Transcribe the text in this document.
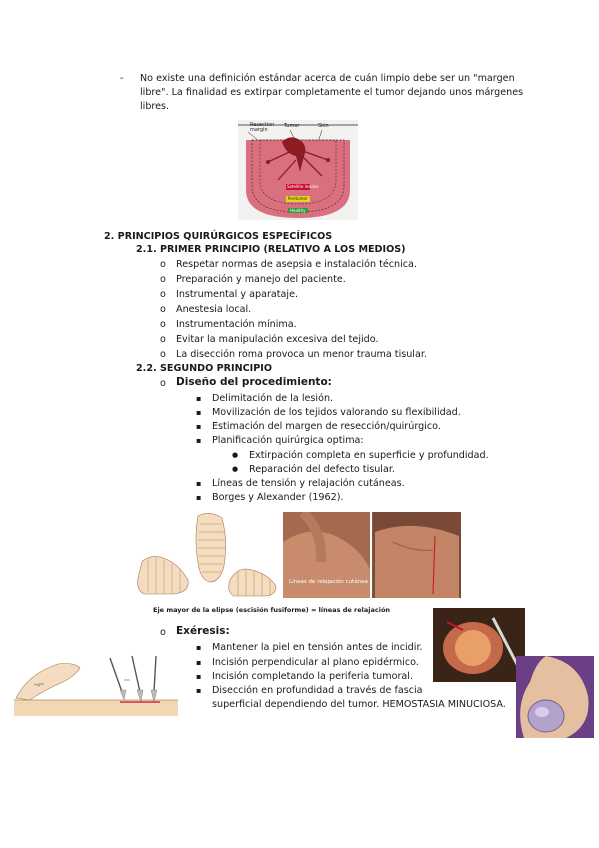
- No existe una definición estándar acerca de cuán limpio debe ser un "margen
libre". La finalidad es extirpar completamente el tumor dejando unos márgenes
libres.
Resection
margin
Tumor	Skin
Satellite lesions
Peritumor
Healthy
2. PRINCIPIOS QUIRÚRGICOS ESPECÍFICOS
2.1. PRIMER PRINCIPIO (RELATIVO A LOS MEDIOS)
o Respetar normas de asepsia e instalación técnica.
o Preparación y manejo del paciente.
o Instrumental y aparataje.
o Anestesia local.
o Instrumentación mínima.
o Evitar la manipulación excesiva del tejido.
o La disección roma provoca un menor trauma tisular.
2.2. SEGUNDO PRINCIPIO
o Diseño del procedimiento:
▪ Delimitación de la lesión.
▪ Movilización de los tejidos valorando su flexibilidad.
▪ Estimación del margen de resección/quirúrgico.
▪ Planificación quirúrgica optima:
● Extirpación completa en superficie y profundidad.
● Reparación del defecto tisular.
▪ Líneas de tensión y relajación cutáneas.
▪ Borges y Alexander (1962).
Líneas de relajación cutánea
Eje mayor de la elipse (escisión fusiforme) = líneas de relajación
o Exéresis:
▪ Mantener la piel en tensión antes de incidir.
▪ Incisión perpendicular al plano epidérmico.
▪ Incisión completando la periferia tumoral.
▪ Disección en profundidad a través de fascia
superficial dependiendo del tumor. HEMOSTASIA MINUCIOSA.
